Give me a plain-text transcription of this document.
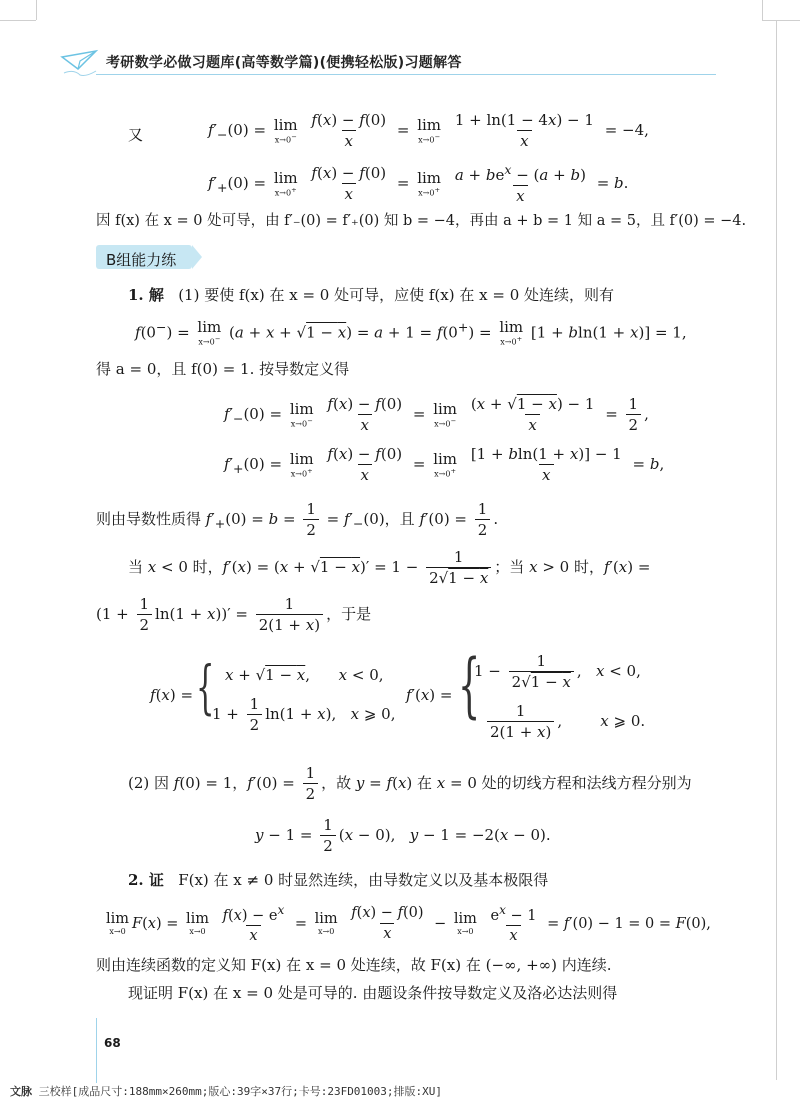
考研数学必做习题库(高等数学篇)(便携轻松版)习题解答
又	$f'_-(0) = \lim$
x→0−
$\frac{f(x) - f(0)}{x} = \lim$
x→0−
$\frac{1 + \ln(1 - 4x) - 1}{x} = -4$,
$f'_+(0) = \lim$
x→0+
$\frac{f(x) - f(0)}{x} = \lim$
x→0+
$\frac{a + be^x - (a + b)}{x} = b$.
因 f(x) 在 x = 0 处可导，由 f′₋(0) = f′₊(0) 知 b = −4，再由 a + b = 1 知 a = 5，且 f′(0) = −4.
B组能力练
1. 解 (1) 要使 f(x) 在 x = 0 处可导，应使 f(x) 在 x = 0 处连续，则有
f(0−) = lim
x→0− (a + x + √1 − x) = a + 1 = f(0+) = lim
x→0+ [1 + bln(1 + x)] = 1,
得 a = 0，且 f(0) = 1. 按导数定义得
$f'_-(0) = \lim$
x→0−
$\frac{f(x) - f(0)}{x} = \lim$
x→0−
$\frac{(x + √1 - x) - 1}{x} = \frac{1}{2}$ ,
$f'_+(0) = \lim$
x→0+
$\frac{f(x) - f(0)}{x} = \lim$
x→0+
$\frac{[1 + bln(1 + x)] - 1}{x} = b$,
则由导数性质得 $f'_+(0) = b = \frac{1}{2} = f'_-(0)$，且 $f'(0) = \frac{1}{2}$ .
当 x < 0 时，$f'(x) = (x + √1 - x)' = 1 - \frac{1}{2√1 - x}$ ；当 x > 0 时，f′(x) =
$(1 + \frac{1}{2} \ln(1 + x))' = \frac{1}{2(1 + x)}$ ，于是
f(x) = { x + √1 − x,      x < 0,
$1 + \frac{1}{2} \ln(1 + x)$,   x ⩾ 0,
f′(x) = {
$1 - \frac{1}{2√1 - x}$ ,   x < 0,
$\frac{1}{2(1 + x)}$ ,        x ⩾ 0.
(2) 因 f(0) = 1，$f'(0) = \frac{1}{2}$ ，故 y = f(x) 在 x = 0 处的切线方程和法线方程分别为
$y - 1 = \frac{1}{2} (x - 0)$,   y − 1 = −2(x − 0).
2. 证 F(x) 在 x ≠ 0 时显然连续，由导数定义以及基本极限得
lim
x→0 F(x) = lim
x→0
$\frac{f(x) - e^x}{x} = \lim$
x→0
$\frac{f(x) - f(0)}{x} - \lim$
x→0
$\frac{e^x - 1}{x} = f'(0) - 1 = 0 = F(0)$,
则由连续函数的定义知 F(x) 在 x = 0 处连续，故 F(x) 在 (−∞, +∞) 内连续.
现证明 F(x) 在 x = 0 处是可导的. 由题设条件按导数定义及洛必达法则得
68
文脉 三校样[成品尺寸:188mm×260mm;版心:39字×37行;卡号:23FD01003;排版:XU]
